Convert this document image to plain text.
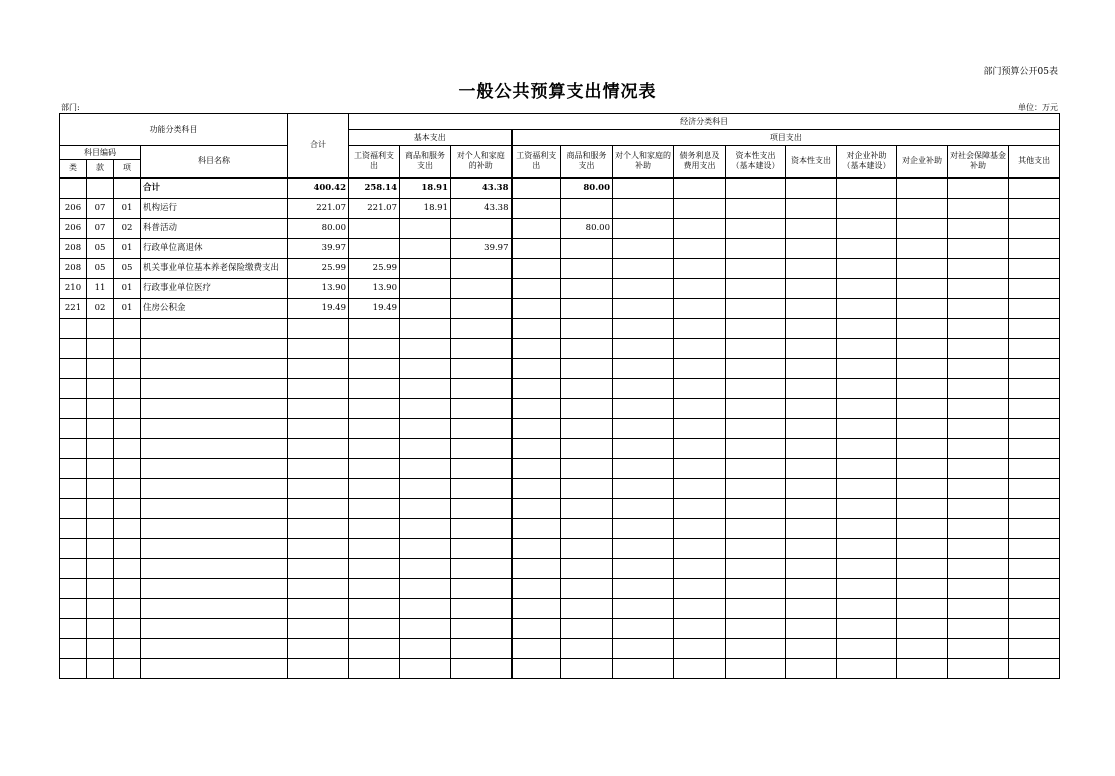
部门预算公开05表
一般公共预算支出情况表
部门:	单位：万元
功能分类科目				合计	经济分类科目												
					基本支出			项目支出									
科目编码			科目名称		工资福利支出	商品和服务支出	对个人和家庭的补助	工资福利支出	商品和服务支出	对个人和家庭的补助	债务利息及费用支出	资本性支出（基本建设）	资本性支出	对企业补助（基本建设）	对企业补助	对社会保障基金补助	其他支出
类	款	项															
			合计	400.42	258.14	18.91	43.38		80.00								
206	07	01	机构运行	221.07	221.07	18.91	43.38										
206	07	02	科普活动	80.00					80.00								
208	05	01	行政单位离退休	39.97			39.97										
208	05	05	机关事业单位基本养老保险缴费支出	25.99	25.99												
210	11	01	行政事业单位医疗	13.90	13.90												
221	02	01	住房公积金	19.49	19.49												
